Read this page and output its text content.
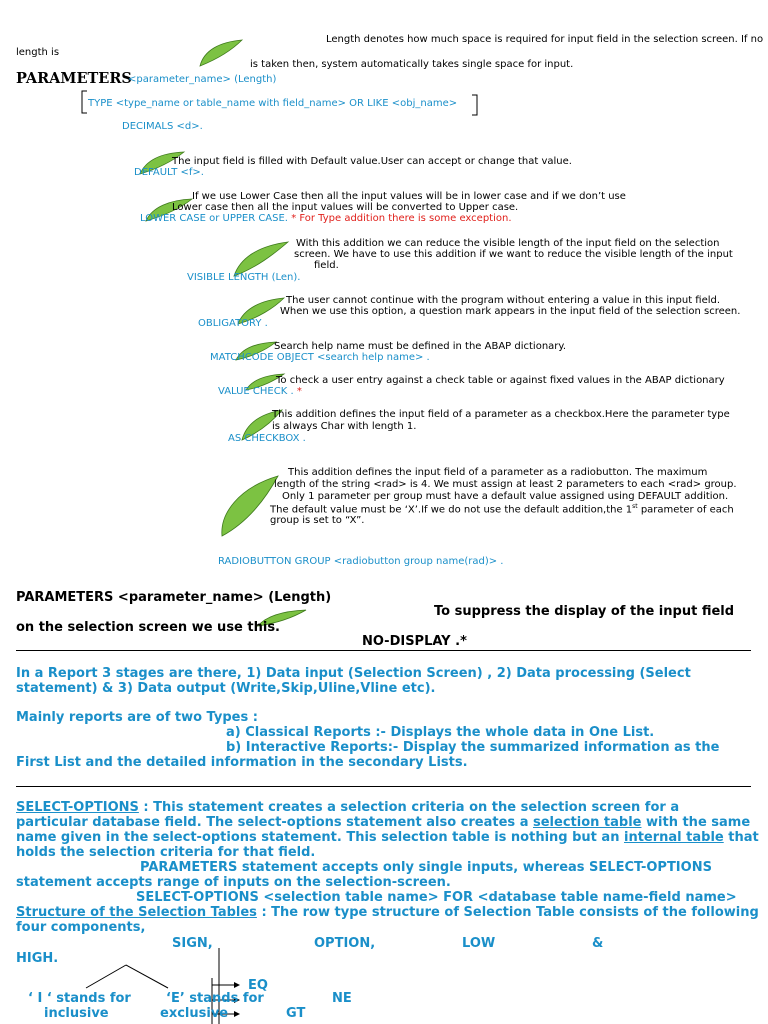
Length denotes how much space is required for input field in the selection screen. If no
length is
is taken then, system automatically takes single space for input.
PARAMETERS
<parameter_name> (Length)
TYPE <type_name or table_name with field_name> OR LIKE <obj_name>
DECIMALS <d>.
The input field is filled with Default value.User can accept or change that value.
DEFAULT <f>.
If we use Lower Case then all the input values will be in lower case and if we don’t use
Lower case then all the input values will be converted to Upper case.
LOWER CASE or UPPER CASE. * For Type addition there is some exception.
With this addition we can reduce the visible length of the input field on the selection
screen. We have to use this addition if we want to reduce the visible length of the input
field.
VISIBLE LENGTH (Len).
The user cannot continue with the program without entering a value in this input field.
When we use this option, a question mark appears in the input field of the selection screen.
OBLIGATORY .
Search help name must be defined in the ABAP dictionary.
MATCHCODE OBJECT <search help name> .
To check a user entry against a check table or against fixed values in the ABAP dictionary
VALUE CHECK . *
This addition defines the input field of a parameter as a checkbox.Here the parameter type
is always Char with length 1.
AS CHECKBOX .
This addition defines the input field of a parameter as a radiobutton. The maximum
length of the string <rad> is 4. We must assign at least 2 parameters to each <rad> group.
Only 1 parameter per group must have a default value assigned using DEFAULT addition.
The default value must be ‘X’.If we do not use the default addition,the 1st parameter of each
group is set to “X”.
RADIOBUTTON GROUP <radiobutton group name(rad)> .
PARAMETERS <parameter_name> (Length)
To suppress the display of the input field
on the selection screen we use this.
NO-DISPLAY .*
In a Report 3 stages are there, 1) Data input (Selection Screen) , 2) Data processing (Select
statement) & 3) Data output (Write,Skip,Uline,Vline etc).
Mainly reports are of two Types :
a) Classical Reports :- Displays the whole data in One List.
b) Interactive Reports:- Display the summarized information as the
First List and the detailed information in the secondary Lists.
SELECT-OPTIONS : This statement creates a selection criteria on the selection screen for a
particular database field. The select-options statement also creates a selection table with the same
name given in the select-options statement. This selection table is nothing but an internal table that
holds the selection criteria for that field.
PARAMETERS statement accepts only single inputs, whereas SELECT-OPTIONS
statement accepts range of inputs on the selection-screen.
SELECT-OPTIONS <selection table name> FOR <database table name-field name>
Structure of the Selection Tables : The row type structure of Selection Table consists of the following
four components,
SIGN,	OPTION,	LOW	&
HIGH.
EQ
‘ I ‘ stands for	‘E’ stands for	NE
inclusive	exclusive	GT
